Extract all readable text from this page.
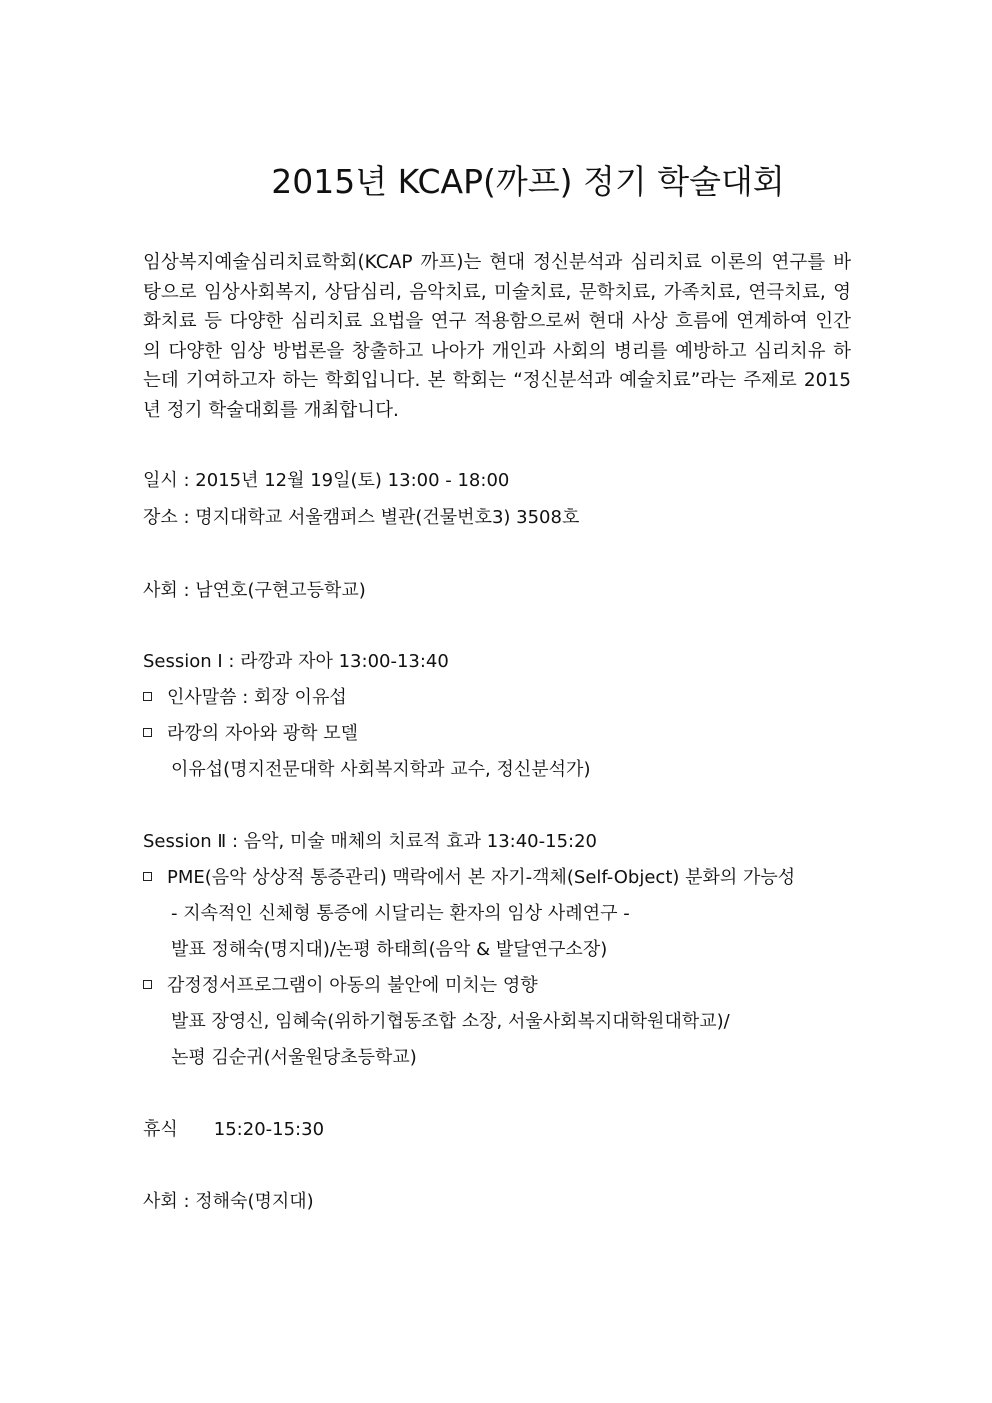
2015년 KCAP(까프) 정기 학술대회

임상복지예술심리치료학회(KCAP 까프)는 현대 정신분석과 심리치료 이론의 연구를 바탕으로 임상사회복지, 상담심리, 음악치료, 미술치료, 문학치료, 가족치료, 연극치료, 영화치료 등 다양한 심리치료 요법을 연구 적용함으로써 현대 사상 흐름에 연계하여 인간의 다양한 임상 방법론을 창출하고 나아가 개인과 사회의 병리를 예방하고 심리치유 하는데 기여하고자 하는 학회입니다. 본 학회는 “정신분석과 예술치료”라는 주제로 2015년 정기 학술대회를 개최합니다.

일시 : 2015년 12월 19일(토) 13:00 - 18:00

장소 : 명지대학교 서울캠퍼스 별관(건물번호3) 3508호

사회 : 남연호(구현고등학교)

Session Ⅰ : 라깡과 자아 13:00-13:40

인사말씀 : 회장 이유섭

라깡의 자아와 광학 모델

이유섭(명지전문대학 사회복지학과 교수, 정신분석가)

Session Ⅱ : 음악, 미술 매체의 치료적 효과 13:40-15:20

PME(음악 상상적 통증관리) 맥락에서 본 자기-객체(Self-Object) 분화의 가능성

- 지속적인 신체형 통증에 시달리는 환자의 임상 사례연구 -

발표 정해숙(명지대)/논평 하태희(음악 & 발달연구소장)

감정정서프로그램이 아동의 불안에 미치는 영향

발표 장영신, 임혜숙(위하기협동조합 소장, 서울사회복지대학원대학교)/

논평 김순귀(서울원당초등학교)

휴식 15:20-15:30

사회 : 정해숙(명지대)
